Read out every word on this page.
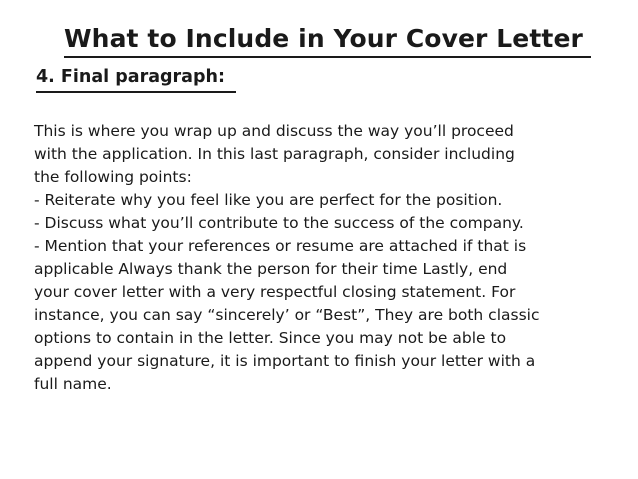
What to Include in Your Cover Letter
4. Final paragraph:
This is where you wrap up and discuss the way you’ll proceed
with the application. In this last paragraph, consider including
the following points:
- Reiterate why you feel like you are perfect for the position.
- Discuss what you’ll contribute to the success of the company.
- Mention that your references or resume are attached if that is
applicable Always thank the person for their time Lastly, end
your cover letter with a very respectful closing statement. For
instance, you can say “sincerely’ or “Best”, They are both classic
options to contain in the letter. Since you may not be able to
append your signature, it is important to finish your letter with a
full name.
